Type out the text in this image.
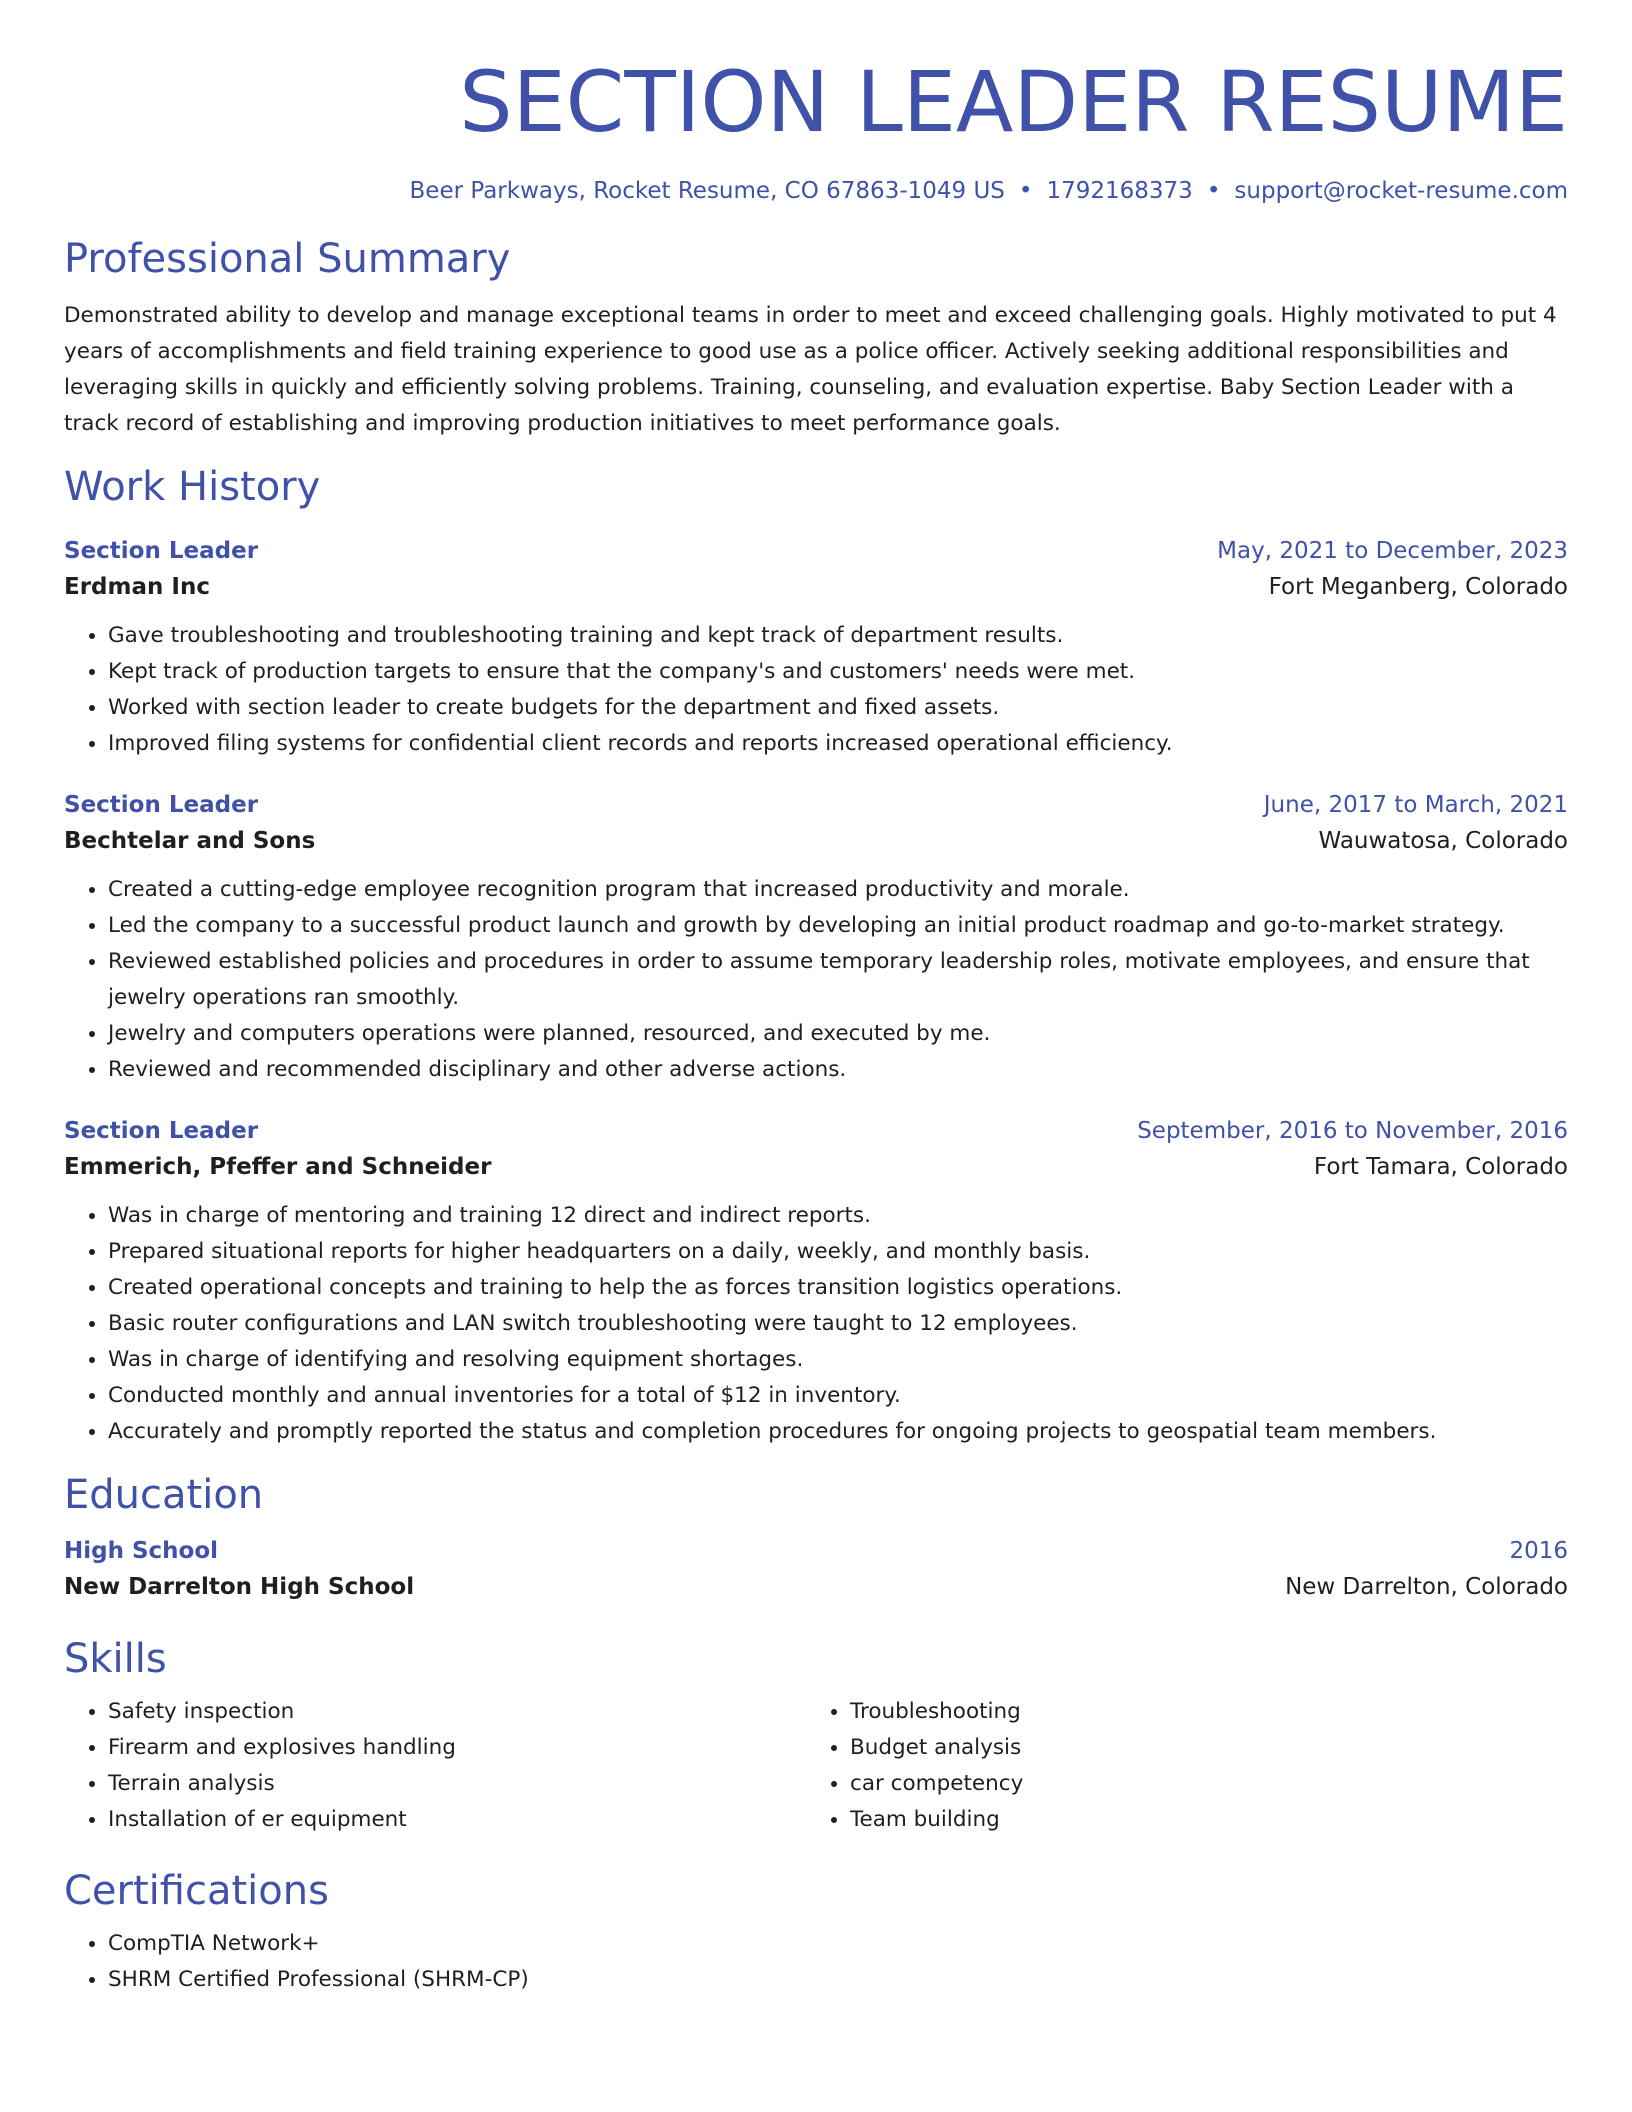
SECTION LEADER RESUME
Beer Parkways, Rocket Resume, CO 67863-1049 US • 1792168373 • support@rocket-resume.com
Professional Summary

Demonstrated ability to develop and manage exceptional teams in order to meet and exceed challenging goals. Highly motivated to put 4 years of accomplishments and field training experience to good use as a police officer. Actively seeking additional responsibilities and leveraging skills in quickly and efficiently solving problems. Training, counseling, and evaluation expertise. Baby Section Leader with a track record of establishing and improving production initiatives to meet performance goals.

Work History
Section Leader	May, 2021 to December, 2023
Erdman Inc	Fort Meganberg, Colorado
• Gave troubleshooting and troubleshooting training and kept track of department results.
• Kept track of production targets to ensure that the company's and customers' needs were met.
• Worked with section leader to create budgets for the department and fixed assets.
• Improved filing systems for confidential client records and reports increased operational efficiency.
Section Leader	June, 2017 to March, 2021
Bechtelar and Sons	Wauwatosa, Colorado
• Created a cutting-edge employee recognition program that increased productivity and morale.
• Led the company to a successful product launch and growth by developing an initial product roadmap and go-to-market strategy.
• Reviewed established policies and procedures in order to assume temporary leadership roles, motivate employees, and ensure that jewelry operations ran smoothly.
• Jewelry and computers operations were planned, resourced, and executed by me.
• Reviewed and recommended disciplinary and other adverse actions.
Section Leader	September, 2016 to November, 2016
Emmerich, Pfeffer and Schneider	Fort Tamara, Colorado
• Was in charge of mentoring and training 12 direct and indirect reports.
• Prepared situational reports for higher headquarters on a daily, weekly, and monthly basis.
• Created operational concepts and training to help the as forces transition logistics operations.
• Basic router configurations and LAN switch troubleshooting were taught to 12 employees.
• Was in charge of identifying and resolving equipment shortages.
• Conducted monthly and annual inventories for a total of $12 in inventory.
• Accurately and promptly reported the status and completion procedures for ongoing projects to geospatial team members.
Education
High School	2016
New Darrelton High School	New Darrelton, Colorado
Skills
• Safety inspection
• Firearm and explosives handling
• Terrain analysis
• Installation of er equipment
• Troubleshooting
• Budget analysis
• car competency
• Team building
Certifications
• CompTIA Network+
• SHRM Certified Professional (SHRM-CP)
